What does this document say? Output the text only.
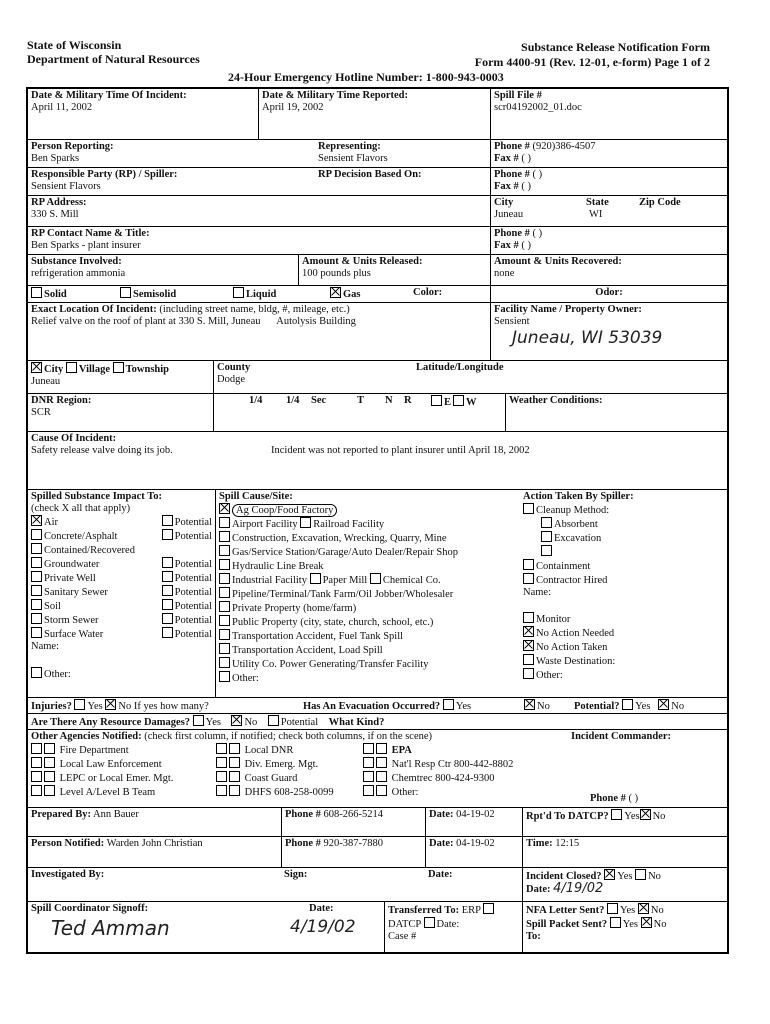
State of Wisconsin
Department of Natural Resources
Substance Release Notification Form
Form 4400-91 (Rev. 12-01, e-form) Page 1 of 2
24-Hour Emergency Hotline Number: 1-800-943-0003
Date & Military Time Of Incident:
April 11, 2002
Date & Military Time Reported:
April 19, 2002
Spill File #
scr04192002_01.doc
Person Reporting:
Ben Sparks
Representing:
Sensient Flavors
Phone # (920)386-4507
Fax # ( )
Responsible Party (RP) / Spiller:
Sensient Flavors
RP Decision Based On:	Phone # ( )
Fax # ( )
RP Address:
330 S. Mill
City	State	Zip Code
Juneau	WI
RP Contact Name & Title:
Ben Sparks - plant insurer
Phone # ( )
Fax # ( )
Substance Involved:
refrigeration ammonia
Amount & Units Released:
100 pounds plus
Amount & Units Recovered:
none
Solid	Semisolid	Liquid	Gas	Color:	Odor:
Exact Location Of Incident: (including street name, bldg, #, mileage, etc.)
Relief valve on the roof of plant at 330 S. Mill, Juneau Autolysis Building
Facility Name / Property Owner:
Sensient
Juneau, WI 53039
City Village Township
Juneau
County
Dodge
Latitude/Longitude
DNR Region:
SCR
1/4 1/4 Sec	T N R	E W	Weather Conditions:
Cause Of Incident:
Safety release valve doing its job.	Incident was not reported to plant insurer until April 18, 2002
Spilled Substance Impact To:
(check X all that apply)
Air	Potential
Concrete/Asphalt	Potential
Contained/Recovered
Groundwater	Potential
Private Well	Potential
Sanitary Sewer	Potential
Soil	Potential
Storm Sewer	Potential
Surface Water	Potential
Name:
Other:
Spill Cause/Site:
Ag Coop/Food Factory
Airport Facility Railroad Facility
Construction, Excavation, Wrecking, Quarry, Mine
Gas/Service Station/Garage/Auto Dealer/Repair Shop
Hydraulic Line Break
Industrial Facility Paper Mill Chemical Co.
Pipeline/Terminal/Tank Farm/Oil Jobber/Wholesaler
Private Property (home/farm)
Public Property (city, state, church, school, etc.)
Transportation Accident, Fuel Tank Spill
Transportation Accident, Load Spill
Utility Co. Power Generating/Transfer Facility
Other:
Action Taken By Spiller:
Cleanup Method:
Absorbent
Excavation
Containment
Contractor Hired
Name:
Monitor
No Action Needed
No Action Taken
Waste Destination:
Other:
Injuries? Yes No If yes how many?	Has An Evacuation Occurred? Yes	No Potential? Yes No
Are There Any Resource Damages? Yes No Potential What Kind?
Other Agencies Notified: (check first column, if notified; check both columns, if on the scene)
Fire Department
Local Law Enforcement
LEPC or Local Emer. Mgt.
Level A/Level B Team
Local DNR
Div. Emerg. Mgt.
Coast Guard
DHFS 608-258-0099
EPA
Nat'l Resp Ctr 800-442-8802
Chemtrec 800-424-9300
Other:
Incident Commander:
Phone # ( )
Prepared By: Ann Bauer	Phone # 608-266-5214	Date: 04-19-02	Rpt'd To DATCP? Yes No
Person Notified: Warden John Christian	Phone # 920-387-7880	Date: 04-19-02	Time: 12:15
Investigated By:	Sign:	Date:	Incident Closed? Yes No
Date: 4/19/02
Spill Coordinator Signoff:
Ted Amman
Date:
4/19/02
Transferred To: ERP
DATCP Date:
Case #
NFA Letter Sent? Yes No
Spill Packet Sent? Yes No
To:
